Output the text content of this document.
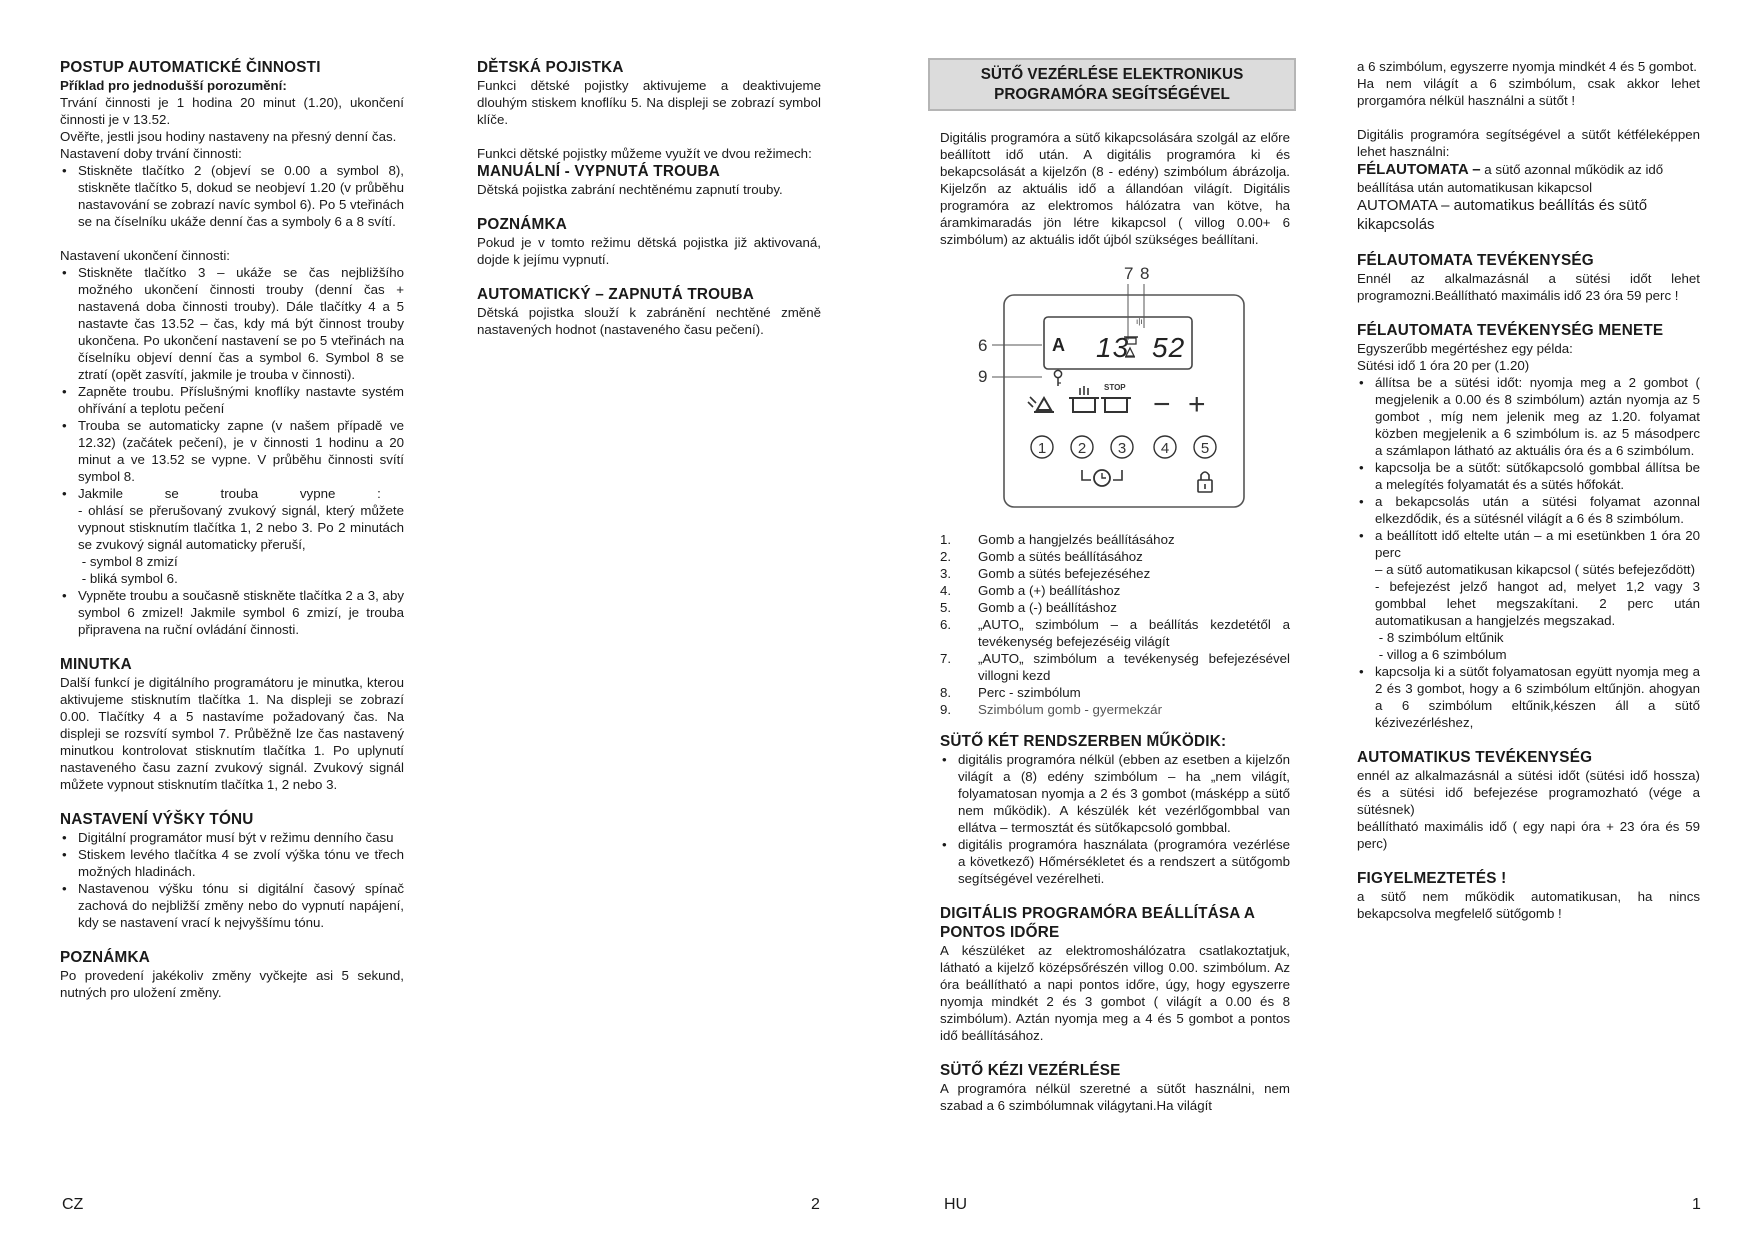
POSTUP AUTOMATICKÉ ČINNOSTI
Příklad pro jednodušší porozumění:
Trvání činnosti je 1 hodina 20 minut (1.20), ukončení činnosti je v 13.52.
Ověřte, jestli jsou hodiny nastaveny na přesný denní čas.
Nastavení doby trvání činnosti:
• Stiskněte tlačítko 2 (objeví se 0.00 a symbol 8), stiskněte tlačítko 5, dokud se neobjeví 1.20 (v průběhu nastavování se zobrazí navíc symbol 6). Po 5 vteřinách se na číselníku ukáže denní čas a symboly 6 a 8 svítí.
Nastavení ukončení činnosti:
• Stiskněte tlačítko 3 – ukáže se čas nejbližšího možného ukončení činnosti trouby (denní čas + nastavená doba činnosti trouby). Dále tlačítky 4 a 5 nastavte čas 13.52 – čas, kdy má být činnost trouby ukončena. Po ukončení nastavení se po 5 vteřinách na číselníku objeví denní čas a symbol 6. Symbol 8 se ztratí (opět zasvítí, jakmile je trouba v činnosti).
• Zapněte troubu. Příslušnými knoflíky nastavte systém ohřívání a teplotu pečení
• Trouba se automaticky zapne (v našem případě ve 12.32) (začátek pečení), je v činnosti 1 hodinu a 20 minut a ve 13.52 se vypne. V průběhu činnosti svítí symbol 8.
• Jakmile se trouba vypne :
- ohlásí se přerušovaný zvukový signál, který můžete vypnout stisknutím tlačítka 1, 2 nebo 3. Po 2 minutách se zvukový signál automaticky přeruší,
- symbol 8 zmizí
- bliká symbol 6.
• Vypněte troubu a současně stiskněte tlačítka 2 a 3, aby symbol 6 zmizel! Jakmile symbol 6 zmizí, je trouba připravena na ruční ovládání činnosti.
MINUTKA
Další funkcí je digitálního programátoru je minutka, kterou aktivujeme stisknutím tlačítka 1. Na displeji se zobrazí 0.00. Tlačítky 4 a 5 nastavíme požadovaný čas. Na displeji se rozsvítí symbol 7. Průběžně lze čas nastavený minutkou kontrolovat stisknutím tlačítka 1. Po uplynutí nastaveného času zazní zvukový signál. Zvukový signál můžete vypnout stisknutím tlačítka 1, 2 nebo 3.
NASTAVENÍ VÝŠKY TÓNU
• Digitální programátor musí být v režimu denního času
• Stiskem levého tlačítka 4 se zvolí výška tónu ve třech možných hladinách.
• Nastavenou výšku tónu si digitální časový spínač zachová do nejbližší změny nebo do vypnutí napájení, kdy se nastavení vrací k nejvyššímu tónu.
POZNÁMKA
Po provedení jakékoliv změny vyčkejte asi 5 sekund, nutných pro uložení změny.
DĚTSKÁ POJISTKA
Funkci dětské pojistky aktivujeme a deaktivujeme dlouhým stiskem knoflíku 5. Na displeji se zobrazí symbol klíče.
Funkci dětské pojistky můžeme využít ve dvou režimech:
MANUÁLNÍ - VYPNUTÁ TROUBA
Dětská pojistka zabrání nechtěnému zapnutí trouby.
POZNÁMKA
Pokud je v tomto režimu dětská pojistka již aktivovaná, dojde k jejímu vypnutí.
AUTOMATICKÝ – ZAPNUTÁ TROUBA
Dětská pojistka slouží k zabránění nechtěné změně nastavených hodnot (nastaveného času pečení).
SÜTŐ VEZÉRLÉSE ELEKTRONIKUS
PROGRAMÓRA SEGÍTSÉGÉVEL
Digitális programóra a sütő kikapcsolására szolgál az előre beállított idő után. A digitális programóra ki és bekapcsolását a kijelzőn (8 - edény) szimbólum ábrázolja. Kijelzőn az aktuális idő a állandóan világít. Digitális programóra az elektromos hálózatra van kötve, ha áramkimaradás jön létre kikapcsol ( villog 0.00+ 6 szimbólum) az aktuális időt újból szükséges beállítani.
1. Gomb a hangjelzés beállításához
2. Gomb a sütés beállításához
3. Gomb a sütés befejezéséhez
4. Gomb a (+) beállításhoz
5. Gomb a (-) beállításhoz
6. „AUTO„ szimbólum – a beállítás kezdetétől a tevékenység befejezéséig világít
7. „AUTO„ szimbólum a tevékenység befejezésével villogni kezd
8. Perc - szimbólum
9. Szimbólum gomb - gyermekzár
SÜTŐ KÉT RENDSZERBEN MŰKÖDIK:
• digitális programóra nélkül (ebben az esetben a kijelzőn világít a (8) edény szimbólum – ha „nem világít, folyamatosan nyomja a 2 és 3 gombot (másképp a sütő nem működik). A készülék két vezérlőgombbal van ellátva – termosztát és sütőkapcsoló gombbal.
• digitális programóra használata (programóra vezérlése a következő) Hőmérsékletet és a rendszert a sütőgomb segítségével vezérelheti.
DIGITÁLIS PROGRAMÓRA BEÁLLÍTÁSA A PONTOS IDŐRE
A készüléket az elektromoshálózatra csatlakoztatjuk, látható a kijelző középsőrészén villog 0.00. szimbólum. Az óra beállítható a napi pontos időre, úgy, hogy egyszerre nyomja mindkét 2 és 3 gombot ( világít a 0.00 és 8 szimbólum). Aztán nyomja meg a 4 és 5 gombot a pontos idő beállításához.
SÜTŐ KÉZI VEZÉRLÉSE
A programóra nélkül szeretné a sütőt használni, nem szabad a 6 szimbólumnak világytani.Ha világít
7 8
6
9
A 13 52
ı|ı
STOP
− +
1 2 3 4 5
a 6 szimbólum, egyszerre nyomja mindkét 4 és 5 gombot.
Ha nem világít a 6 szimbólum, csak akkor lehet prorgamóra nélkül használni a sütőt !
Digitális programóra segítségével a sütőt kétféleképpen lehet használni:
FÉLAUTOMATA – a sütő azonnal működik az idő beállítása után automatikusan kikapcsol
AUTOMATA – automatikus beállítás és sütő kikapcsolás
FÉLAUTOMATA TEVÉKENYSÉG
Ennél az alkalmazásnál a sütési időt lehet programozni.Beállítható maximális idő 23 óra 59 perc !
FÉLAUTOMATA TEVÉKENYSÉG MENETE
Egyszerűbb megértéshez egy példa:
Sütési idő 1 óra 20 per (1.20)
• állítsa be a sütési időt: nyomja meg a 2 gombot ( megjelenik a 0.00 és 8 szimbólum) aztán nyomja az 5 gombot , míg nem jelenik meg az 1.20. folyamat közben megjelenik a 6 szimbólum is. az 5 másodperc a számlapon látható az aktuális óra és a 6 szimbólum.
• kapcsolja be a sütőt: sütőkapcsoló gombbal állítsa be a melegítés folyamatát és a sütés hőfokát.
• a bekapcsolás után a sütési folyamat azonnal elkezdődik, és a sütésnél világít a 6 és 8 szimbólum.
• a beállított idő eltelte után – a mi esetünkben 1 óra 20 perc
– a sütő automatikusan kikapcsol ( sütés befejeződött)
- befejezést jelző hangot ad, melyet 1,2 vagy 3 gombbal lehet megszakítani. 2 perc után automatikusan a hangjelzés megszakad.
- 8 szimbólum eltűnik
- villog a 6 szimbólum
• kapcsolja ki a sütőt folyamatosan együtt nyomja meg a 2 és 3 gombot, hogy a 6 szimbólum eltűnjön. ahogyan a 6 szimbólum eltűnik,készen áll a sütő kézivezérléshez,
AUTOMATIKUS TEVÉKENYSÉG
ennél az alkalmazásnál a sütési időt (sütési idő hossza) és a sütési idő befejezése programozható (vége a sütésnek)
beállítható maximális idő ( egy napi óra + 23 óra és 59 perc)
FIGYELMEZTETÉS !
a sütő nem működik automatikusan, ha nincs bekapcsolva megfelelő sütőgomb !
CZ	2	HU	1
